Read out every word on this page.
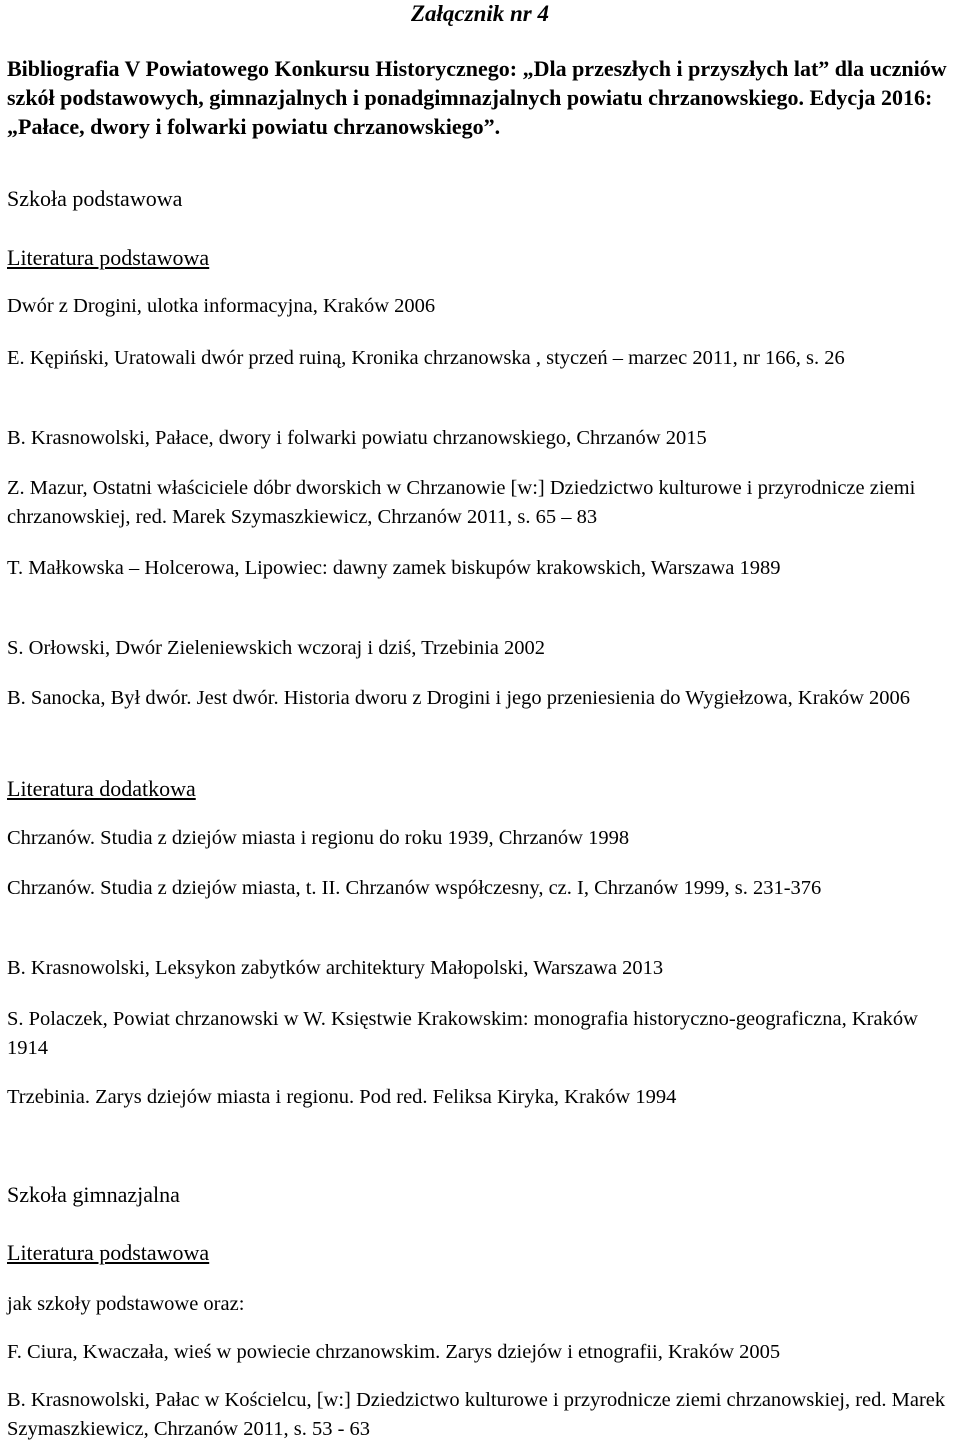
Załącznik nr 4
Bibliografia V Powiatowego Konkursu Historycznego: „Dla przeszłych i przyszłych lat” dla uczniów szkół podstawowych, gimnazjalnych i ponadgimnazjalnych powiatu chrzanowskiego. Edycja 2016: „Pałace, dwory i folwarki powiatu chrzanowskiego”.
Szkoła podstawowa
Literatura podstawowa
Dwór z Drogini, ulotka informacyjna, Kraków 2006
E. Kępiński, Uratowali dwór przed ruiną, Kronika chrzanowska , styczeń – marzec 2011, nr 166, s. 26
B. Krasnowolski, Pałace, dwory i folwarki powiatu chrzanowskiego, Chrzanów 2015
Z. Mazur, Ostatni właściciele dóbr dworskich w Chrzanowie [w:] Dziedzictwo kulturowe i przyrodnicze ziemi chrzanowskiej, red. Marek Szymaszkiewicz, Chrzanów 2011, s. 65 – 83
T. Małkowska – Holcerowa, Lipowiec: dawny zamek biskupów krakowskich, Warszawa 1989
S. Orłowski, Dwór Zieleniewskich wczoraj i dziś, Trzebinia 2002
B. Sanocka, Był dwór. Jest dwór. Historia dworu z Drogini i jego przeniesienia do Wygiełzowa, Kraków 2006
Literatura dodatkowa
Chrzanów. Studia z dziejów miasta i regionu do roku 1939, Chrzanów 1998
Chrzanów. Studia z dziejów miasta, t. II. Chrzanów współczesny, cz. I, Chrzanów 1999, s. 231-376
B. Krasnowolski, Leksykon zabytków architektury Małopolski, Warszawa 2013
S. Polaczek, Powiat chrzanowski w W. Księstwie Krakowskim: monografia historyczno-geograficzna, Kraków 1914
Trzebinia. Zarys dziejów miasta i regionu. Pod red. Feliksa Kiryka, Kraków 1994
Szkoła gimnazjalna
Literatura podstawowa
jak szkoły podstawowe oraz:
F. Ciura, Kwaczała, wieś w powiecie chrzanowskim. Zarys dziejów i etnografii, Kraków 2005
B. Krasnowolski, Pałac w Kościelcu, [w:] Dziedzictwo kulturowe i przyrodnicze ziemi chrzanowskiej, red. Marek Szymaszkiewicz, Chrzanów 2011, s. 53 - 63
